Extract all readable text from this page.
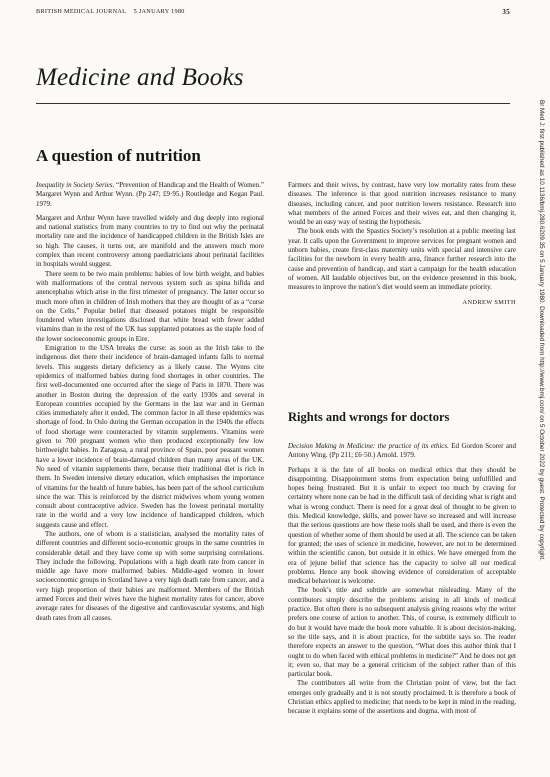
BRITISH MEDICAL JOURNAL 5 JANUARY 1980	35
Medicine and Books
A question of nutrition

Inequality in Society Series. “Prevention of Handicap and the Health of Women.” Margaret Wynn and Arthur Wynn. (Pp 247; £9·95.) Routledge and Kegan Paul. 1979.

Margaret and Arthur Wynn have travelled widely and dug deeply into regional and national statistics from many countries to try to find out why the perinatal mortality rate and the incidence of handicapped children in the British Isles are so high. The causes, it turns out, are manifold and the answers much more complex than recent controversy among paediatricians about perinatal facilities in hospitals would suggest.

There seem to be two main problems: babies of low birth weight, and babies with malformations of the central nervous system such as spina bifida and anencephalus which arise in the first trimester of pregnancy. The latter occur so much more often in children of Irish mothers that they are thought of as a “curse on the Celts.” Popular belief that diseased potatoes might be responsible foundered when investigations disclosed that white bread with fewer added vitamins than in the rest of the UK has supplanted potatoes as the staple food of the lower socioeconomic groups in Eire.

Emigration to the USA breaks the curse: as soon as the Irish take to the indigenous diet there their incidence of brain-damaged infants falls to normal levels. This suggests dietary deficiency as a likely cause. The Wynns cite epidemics of malformed babies during food shortages in other countries. The first well-documented one occurred after the siege of Paris in 1870. There was another in Boston during the depression of the early 1930s and several in European countries occupied by the Germans in the last war and in German cities immediately after it ended. The common factor in all these epidemics was shortage of food. In Oslo during the German occupation in the 1940s the effects of food shortage were counteracted by vitamin supplements. Vitamins were given to 700 pregnant women who then produced exceptionally few low birthweight babies. In Zaragosa, a rural province of Spain, poor peasant women have a lower incidence of brain-damaged children than many areas of the UK. No need of vitamin supplements there, because their traditional diet is rich in them. In Sweden intensive dietary education, which emphasises the importance of vitamins for the health of future babies, has been part of the school curriculum since the war. This is reinforced by the district midwives whom young women consult about contraceptive advice. Sweden has the lowest perinatal mortality rate in the world and a very low incidence of handicapped children, which suggests cause and effect.

The authors, one of whom is a statistician, analysed the mortality rates of different countries and different socio-economic groups in the same countries in considerable detail and they have come up with some surprising correlations. They include the following. Populations with a high death rate from cancer in middle age have more malformed babies. Middle-aged women in lower socioeconomic groups in Scotland have a very high death rate from cancer, and a very high proportion of their babies are malformed. Members of the British armed Forces and their wives have the highest mortality rates for cancer, above average rates for diseases of the digestive and cardiovascular systems, and high death rates from all causes.

Farmers and their wives, by contrast, have very low mortality rates from these diseases. The inference is that good nutrition increases resistance to many diseases, including cancer, and poor nutrition lowers resistance. Research into what members of the armed Forces and their wives eat, and then changing it, would be an easy way of testing the hypothesis.

The book ends with the Spastics Society’s resolution at a public meeting last year. It calls upon the Government to improve services for pregnant women and unborn babies, create first-class maternity units with special and intensive care facilities for the newborn in every health area, finance further research into the cause and prevention of handicap, and start a campaign for the health education of women. All laudable objectives but, on the evidence presented in this book, measures to improve the nation’s diet would seem an immediate priority.

ANDREW SMITH
Rights and wrongs for doctors

Decision Making in Medicine: the practice of its ethics. Ed Gordon Scorer and Antony Wing. (Pp 211; £6·50.) Arnold. 1979.

Perhaps it is the fate of all books on medical ethics that they should be disappointing. Disappointment stems from expectation being unfulfilled and hopes being frustrated. But it is unfair to expect too much by craving for certainty where none can be had in the difficult task of deciding what is right and what is wrong conduct. There is need for a great deal of thought to be given to this. Medical knowledge, skills, and power have so increased and will increase that the serious questions are how these tools shall be used, and there is even the question of whether some of them should be used at all. The science can be taken for granted; the uses of science in medicine, however, are not to be determined within the scientific canon, but outside it in ethics. We have emerged from the era of jejune belief that science has the capacity to solve all our medical problems. Hence any book showing evidence of consideration of acceptable medical behaviour is welcome.

The book’s title and subtitle are somewhat misleading. Many of the contributors simply describe the problems arising in all kinds of medical practice. But often there is no subsequent analysis giving reasons why the writer prefers one course of action to another. This, of course, is extremely difficult to do but it would have made the book more valuable. It is about decision-making, so the title says, and it is about practice, for the subtitle says so. The reader therefore expects an answer to the question, “What does this author think that I ought to do when faced with ethical problems in medicine?” And he does not get it; even so, that may be a general criticism of the subject rather than of this particular book.

The contributors all write from the Christian point of view, but the fact emerges only gradually and it is not stoutly proclaimed. It is therefore a book of Christian ethics applied to medicine; that needs to be kept in mind in the reading, because it explains some of the assertions and dogma, with most of

Br Med J: first published as 10.1136/bmj.280.6209.35 on 5 January 1980. Downloaded from http://www.bmj.com/ on 5 October 2022 by guest. Protected by copyright.
